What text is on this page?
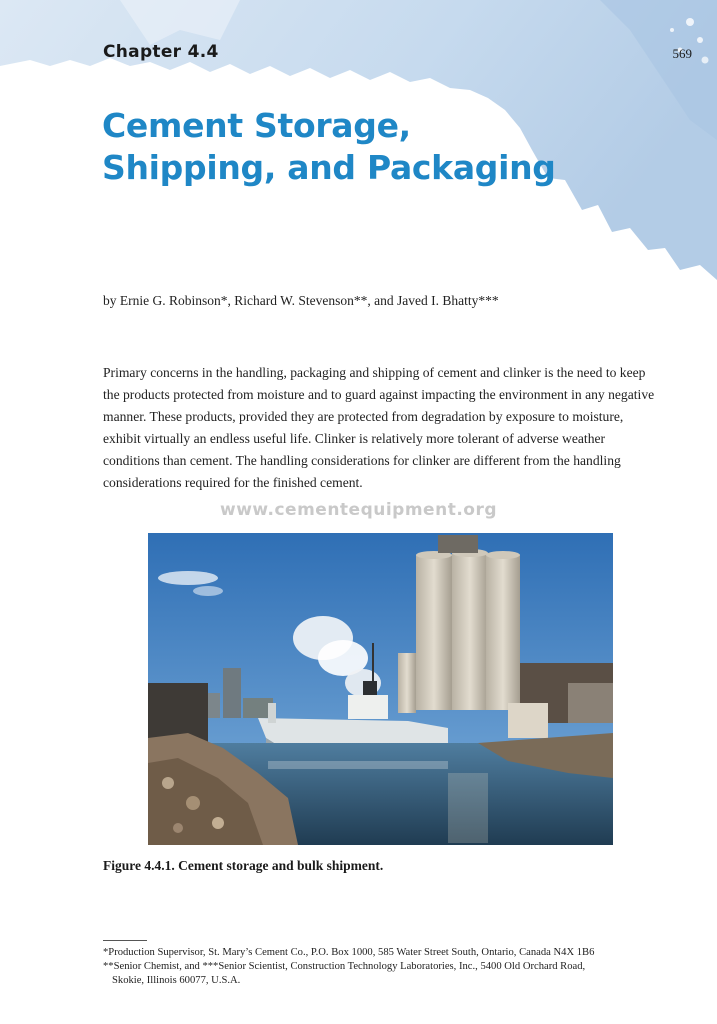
Chapter 4.4	569
Cement Storage,
Shipping, and Packaging
by Ernie G. Robinson*, Richard W. Stevenson**, and Javed I. Bhatty***
Primary concerns in the handling, packaging and shipping of cement and clinker is the need to keep the products protected from moisture and to guard against impacting the environment in any negative manner. These products, provided they are protected from degradation by exposure to moisture, exhibit virtually an endless useful life. Clinker is relatively more tolerant of adverse weather conditions than cement. The handling considerations for clinker are different from the handling considerations required for the finished cement.
www.cementequipment.org
Figure 4.4.1. Cement storage and bulk shipment.
*Production Supervisor, St. Mary’s Cement Co., P.O. Box 1000, 585 Water Street South, Ontario, Canada N4X 1B6
**Senior Chemist, and ***Senior Scientist, Construction Technology Laboratories, Inc., 5400 Old Orchard Road,
Skokie, Illinois 60077, U.S.A.
